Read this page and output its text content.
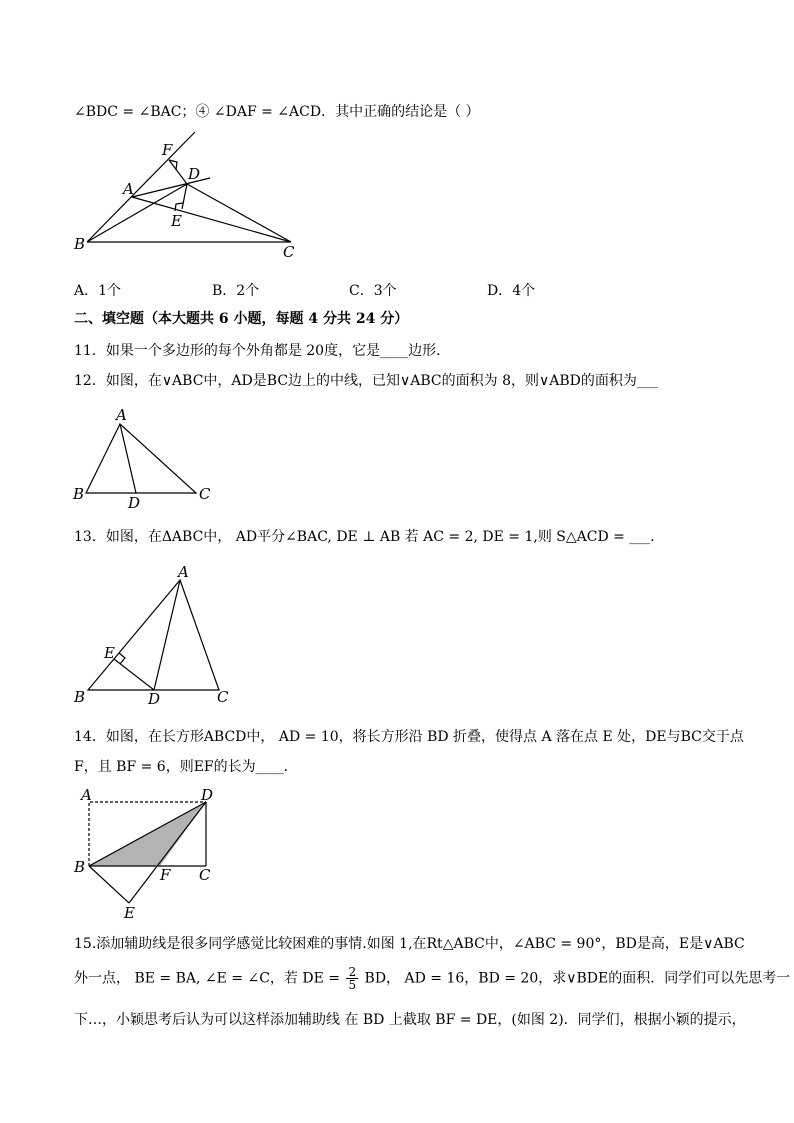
∠BDC = ∠BAC；④ ∠DAF = ∠ACD．其中正确的结论是（ ）
F
D
A
E
B	C
A．1个	B．2个	C．3个	D．4个
二、填空题（本大题共 6 小题，每题 4 分共 24 分）
11．如果一个多边形的每个外角都是 20度，它是____边形．
12．如图，在∨ABC中，AD是BC边上的中线，已知∨ABC的面积为 8，则∨ABD的面积为___
A
B	D	C
13．如图，在ΔABC中， AD平分∠BAC, DE ⊥ AB 若 AC = 2, DE = 1,则 S△ACD = ___．
A
E
B	D	C
14．如图，在长方形ABCD中， AD = 10，将长方形沿 BD 折叠，使得点 A 落在点 E 处，DE与BC交于点
F，且 BF = 6，则EF的长为____．
A	D
B	F C
E
15.添加辅助线是很多同学感觉比较困难的事情.如图 1,在Rt△ABC中，∠ABC = 90°，BD是高，E是∨ABC
外一点， BE = BA, ∠E = ∠C，若 DE = $\frac{2}{5}$ BD， AD = 16，BD = 20，求∨BDE的面积．同学们可以先思考一
下…，小颖思考后认为可以这样添加辅助线 在 BD 上截取 BF = DE，(如图 2)．同学们，根据小颖的提示，
